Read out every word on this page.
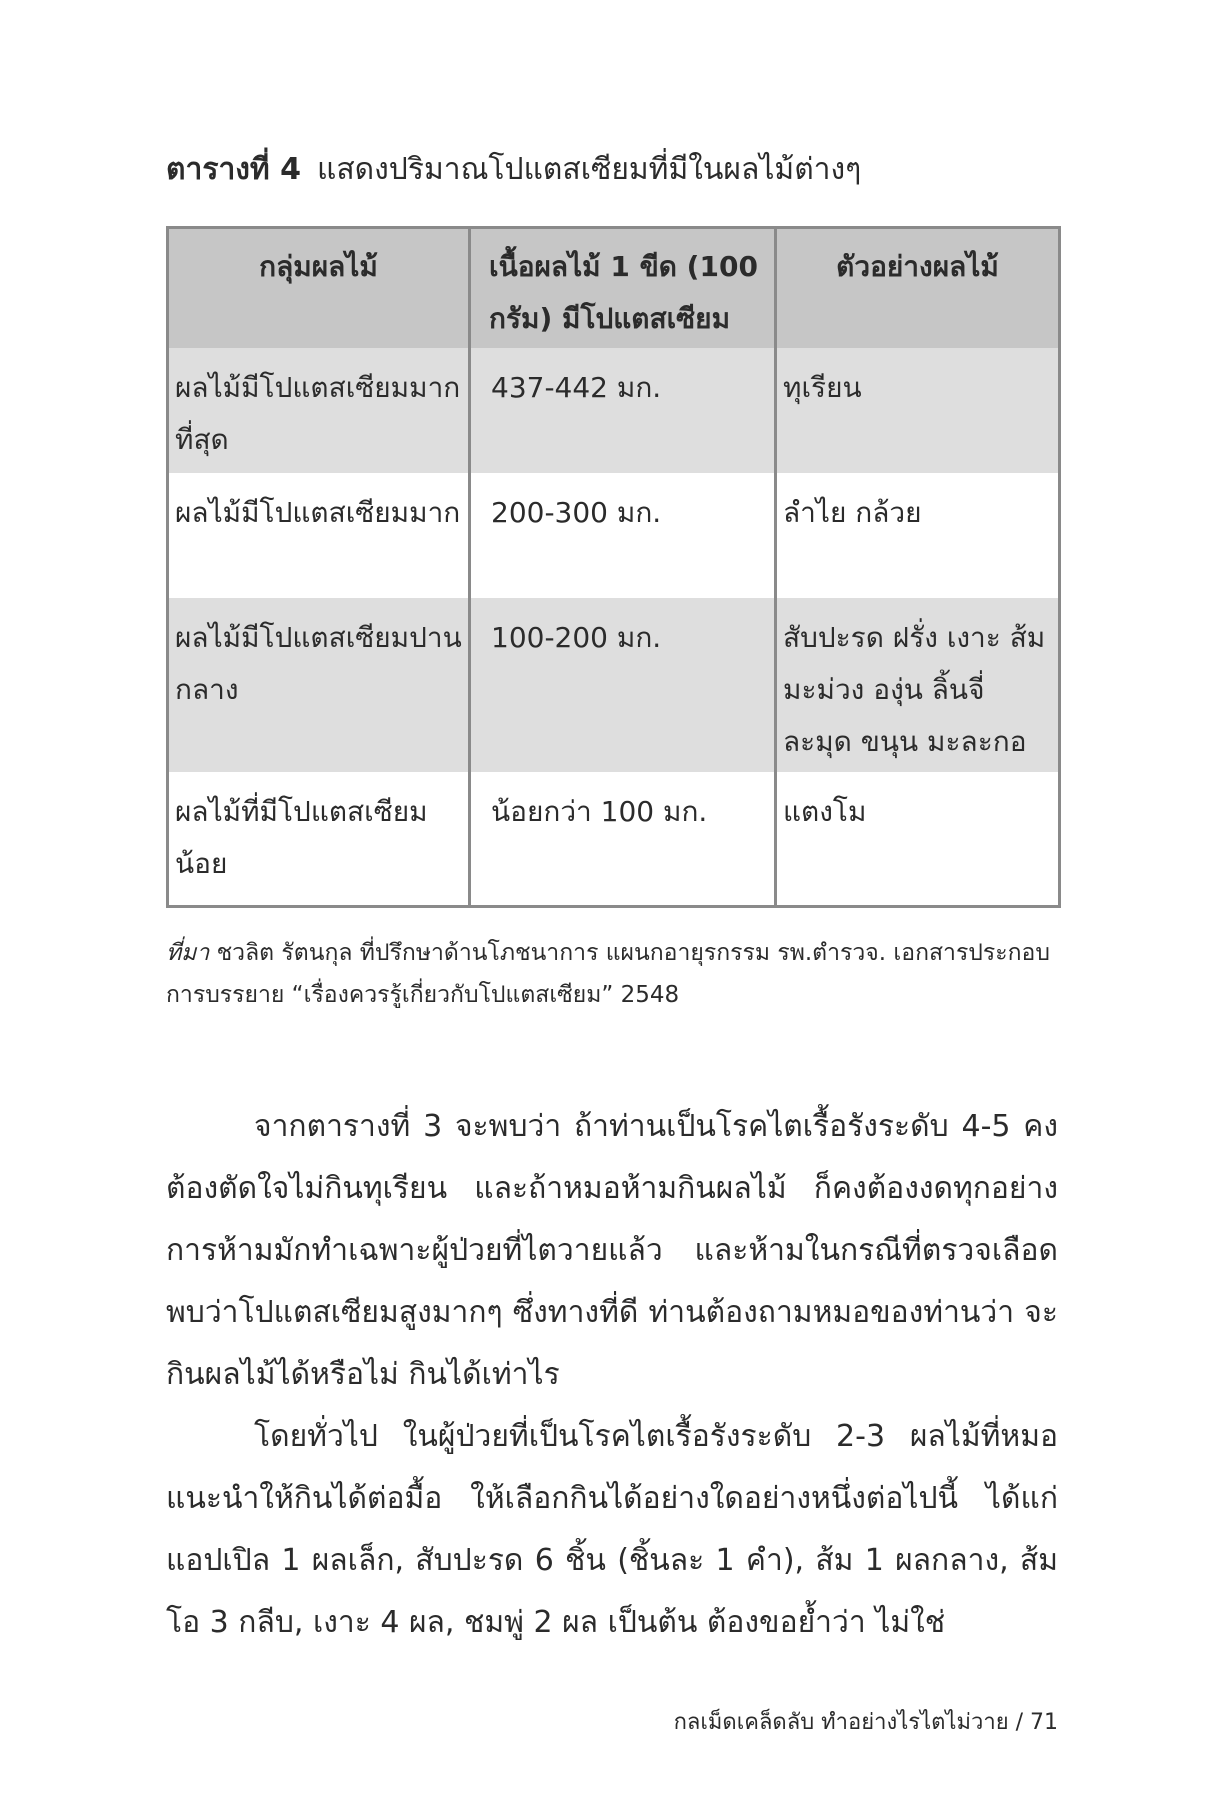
ตารางที่ 4 แสดงปริมาณโปแตสเซียมที่มีในผลไม้ต่างๆ
กลุ่มผลไม้	เนื้อผลไม้ 1 ขีด (100 กรัม) มีโปแตสเซียม	ตัวอย่างผลไม้
ผลไม้มีโปแตสเซียมมากที่สุด	437-442 มก.	ทุเรียน
ผลไม้มีโปแตสเซียมมาก	200-300 มก.	ลำไย กล้วย
ผลไม้มีโปแตสเซียมปานกลาง	100-200 มก.	สับปะรด ฝรั่ง เงาะ ส้ม มะม่วง องุ่น ลิ้นจี่ ละมุด ขนุน มะละกอ
ผลไม้ที่มีโปแตสเซียมน้อย	น้อยกว่า 100 มก.	แตงโม
ที่มา ชวลิต รัตนกุล ที่ปรึกษาด้านโภชนาการ แผนกอายุรกรรม รพ.ตำรวจ. เอกสารประกอบการบรรยาย “เรื่องควรรู้เกี่ยวกับโปแตสเซียม” 2548

จากตารางที่ 3 จะพบว่า ถ้าท่านเป็นโรคไตเรื้อรังระดับ 4-5 คงต้องตัดใจไม่กินทุเรียน และถ้าหมอห้ามกินผลไม้ ก็คงต้องงดทุกอย่าง การห้ามมักทำเฉพาะผู้ป่วยที่ไตวายแล้ว และห้ามในกรณีที่ตรวจเลือดพบว่าโปแตสเซียมสูงมากๆ ซึ่งทางที่ดี ท่านต้องถามหมอของท่านว่า จะกินผลไม้ได้หรือไม่ กินได้เท่าไร

โดยทั่วไป ในผู้ป่วยที่เป็นโรคไตเรื้อรังระดับ 2-3 ผลไม้ที่หมอแนะนำให้กินได้ต่อมื้อ ให้เลือกกินได้อย่างใดอย่างหนึ่งต่อไปนี้ ได้แก่ แอปเปิล 1 ผลเล็ก, สับปะรด 6 ชิ้น (ชิ้นละ 1 คำ), ส้ม 1 ผลกลาง, ส้มโอ 3 กลีบ, เงาะ 4 ผล, ชมพู่ 2 ผล เป็นต้น ต้องขอย้ำว่า ไม่ใช่

กลเม็ดเคล็ดลับ ทำอย่างไรไตไม่วาย / 71
